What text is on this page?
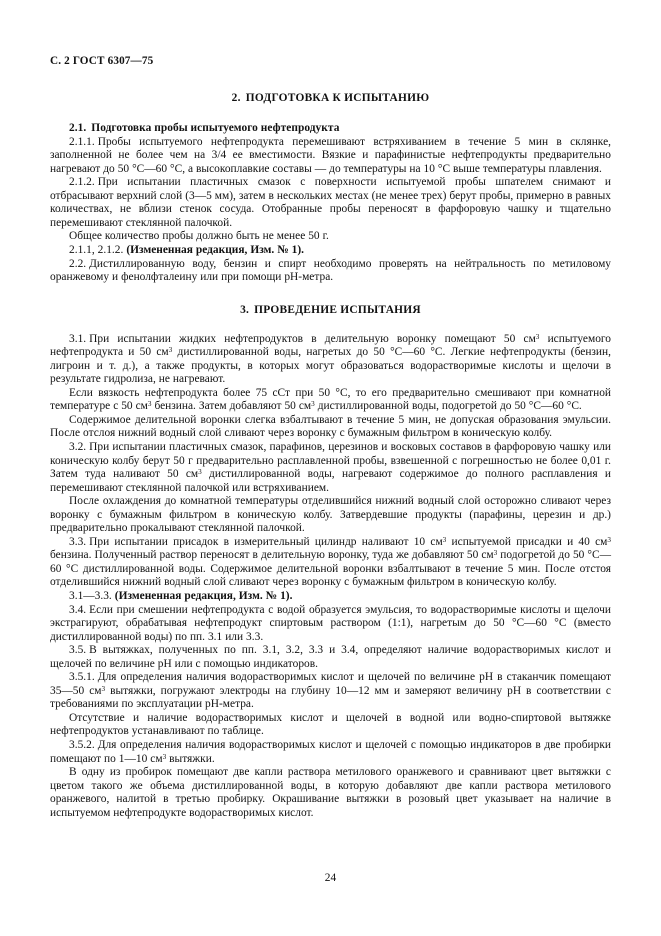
С. 2 ГОСТ 6307—75
2. ПОДГОТОВКА К ИСПЫТАНИЮ
2.1. Подготовка пробы испытуемого нефтепродукта

2.1.1. Пробы испытуемого нефтепродукта перемешивают встряхиванием в течение 5 мин в склянке, заполненной не более чем на 3/4 ее вместимости. Вязкие и парафинистые нефтепродукты предварительно нагревают до 50 °С—60 °С, а высокоплавкие составы — до температуры на 10 °С выше температуры плавления.

2.1.2. При испытании пластичных смазок с поверхности испытуемой пробы шпателем снимают и отбрасывают верхний слой (3—5 мм), затем в нескольких местах (не менее трех) берут пробы, примерно в равных количествах, не вблизи стенок сосуда. Отобранные пробы переносят в фарфоровую чашку и тщательно перемешивают стеклянной палочкой.

Общее количество пробы должно быть не менее 50 г.

2.1.1, 2.1.2. (Измененная редакция, Изм. № 1).

2.2. Дистиллированную воду, бензин и спирт необходимо проверять на нейтральность по метиловому оранжевому и фенолфталеину или при помощи рН-метра.

3. ПРОВЕДЕНИЕ ИСПЫТАНИЯ

3.1. При испытании жидких нефтепродуктов в делительную воронку помещают 50 $см^3$ испытуемого нефтепродукта и 50 $см^3$ дистиллированной воды, нагретых до 50 °С—60 °С. Легкие нефтепродукты (бензин, лигроин и т. д.), а также продукты, в которых могут образоваться водорастворимые кислоты и щелочи в результате гидролиза, не нагревают.

Если вязкость нефтепродукта более 75 сСт при 50 °С, то его предварительно смешивают при комнатной температуре с 50 $см^3$ бензина. Затем добавляют 50 $см^3$ дистиллированной воды, подогретой до 50 °С—60 °С.

Содержимое делительной воронки слегка взбалтывают в течение 5 мин, не допуская образования эмульсии. После отслоя нижний водный слой сливают через воронку с бумажным фильтром в коническую колбу.

3.2. При испытании пластичных смазок, парафинов, церезинов и восковых составов в фарфоровую чашку или коническую колбу берут 50 г предварительно расплавленной пробы, взвешенной с погрешностью не более 0,01 г. Затем туда наливают 50 $см^3$ дистиллированной воды, нагревают содержимое до полного расплавления и перемешивают стеклянной палочкой или встряхиванием.

После охлаждения до комнатной температуры отделившийся нижний водный слой осторожно сливают через воронку с бумажным фильтром в коническую колбу. Затвердевшие продукты (парафины, церезин и др.) предварительно прокалывают стеклянной палочкой.

3.3. При испытании присадок в измерительный цилиндр наливают 10 $см^3$ испытуемой присадки и 40 $см^3$ бензина. Полученный раствор переносят в делительную воронку, туда же добавляют 50 $см^3$ подогретой до 50 °С—60 °С дистиллированной воды. Содержимое делительной воронки взбалтывают в течение 5 мин. После отстоя отделившийся нижний водный слой сливают через воронку с бумажным фильтром в коническую колбу.

3.1—3.3. (Измененная редакция, Изм. № 1).

3.4. Если при смешении нефтепродукта с водой образуется эмульсия, то водорастворимые кислоты и щелочи экстрагируют, обрабатывая нефтепродукт спиртовым раствором (1:1), нагретым до 50 °С—60 °С (вместо дистиллированной воды) по пп. 3.1 или 3.3.

3.5. В вытяжках, полученных по пп. 3.1, 3.2, 3.3 и 3.4, определяют наличие водорастворимых кислот и щелочей по величине рН или с помощью индикаторов.

3.5.1. Для определения наличия водорастворимых кислот и щелочей по величине рН в стаканчик помещают 35—50 $см^3$ вытяжки, погружают электроды на глубину 10—12 мм и замеряют величину рН в соответствии с требованиями по эксплуатации рН-метра.

Отсутствие и наличие водорастворимых кислот и щелочей в водной или водно-спиртовой вытяжке нефтепродуктов устанавливают по таблице.

3.5.2. Для определения наличия водорастворимых кислот и щелочей с помощью индикаторов в две пробирки помещают по 1—10 $см^3$ вытяжки.

В одну из пробирок помещают две капли раствора метилового оранжевого и сравнивают цвет вытяжки с цветом такого же объема дистиллированной воды, в которую добавляют две капли раствора метилового оранжевого, налитой в третью пробирку. Окрашивание вытяжки в розовый цвет указывает на наличие в испытуемом нефтепродукте водорастворимых кислот.

24
